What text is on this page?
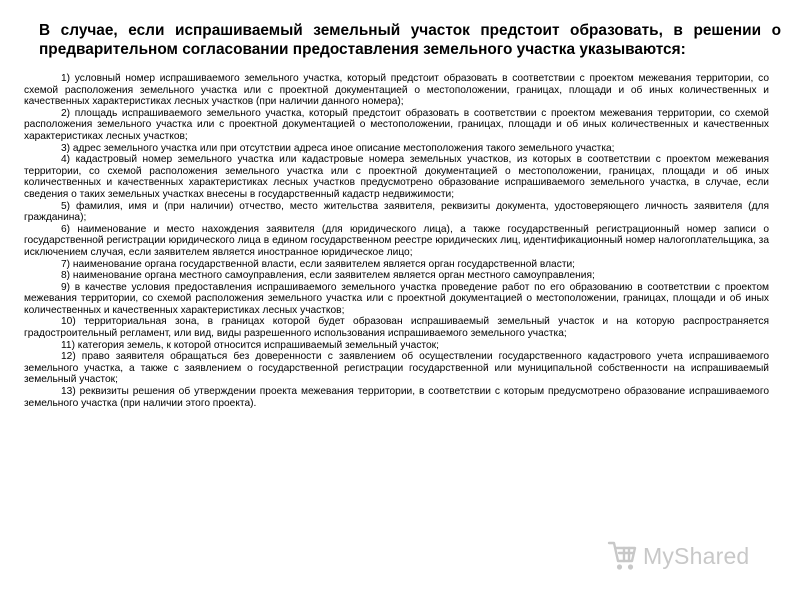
В случае, если испрашиваемый земельный участок предстоит образовать, в решении о предварительном согласовании предоставления земельного участка указываются:

1) условный номер испрашиваемого земельного участка, который предстоит образовать в соответствии с проектом межевания территории, со схемой расположения земельного участка или с проектной документацией о местоположении, границах, площади и об иных количественных и качественных характеристиках лесных участков (при наличии данного номера);

2) площадь испрашиваемого земельного участка, который предстоит образовать в соответствии с проектом межевания территории, со схемой расположения земельного участка или с проектной документацией о местоположении, границах, площади и об иных количественных и качественных характеристиках лесных участков;

3) адрес земельного участка или при отсутствии адреса иное описание местоположения такого земельного участка;

4) кадастровый номер земельного участка или кадастровые номера земельных участков, из которых в соответствии с проектом межевания территории, со схемой расположения земельного участка или с проектной документацией о местоположении, границах, площади и об иных количественных и качественных характеристиках лесных участков предусмотрено образование испрашиваемого земельного участка, в случае, если сведения о таких земельных участках внесены в государственный кадастр недвижимости;

5) фамилия, имя и (при наличии) отчество, место жительства заявителя, реквизиты документа, удостоверяющего личность заявителя (для гражданина);

6) наименование и место нахождения заявителя (для юридического лица), а также государственный регистрационный номер записи о государственной регистрации юридического лица в едином государственном реестре юридических лиц, идентификационный номер налогоплательщика, за исключением случая, если заявителем является иностранное юридическое лицо;

7) наименование органа государственной власти, если заявителем является орган государственной власти;

8) наименование органа местного самоуправления, если заявителем является орган местного самоуправления;

9) в качестве условия предоставления испрашиваемого земельного участка проведение работ по его образованию в соответствии с проектом межевания территории, со схемой расположения земельного участка или с проектной документацией о местоположении, границах, площади и об иных количественных и качественных характеристиках лесных участков;

10) территориальная зона, в границах которой будет образован испрашиваемый земельный участок и на которую распространяется градостроительный регламент, или вид, виды разрешенного использования испрашиваемого земельного участка;

11) категория земель, к которой относится испрашиваемый земельный участок;

12) право заявителя обращаться без доверенности с заявлением об осуществлении государственного кадастрового учета испрашиваемого земельного участка, а также с заявлением о государственной регистрации государственной или муниципальной собственности на испрашиваемый земельный участок;

13) реквизиты решения об утверждении проекта межевания территории, в соответствии с которым предусмотрено образование испрашиваемого земельного участка (при наличии этого проекта).

MyShared
